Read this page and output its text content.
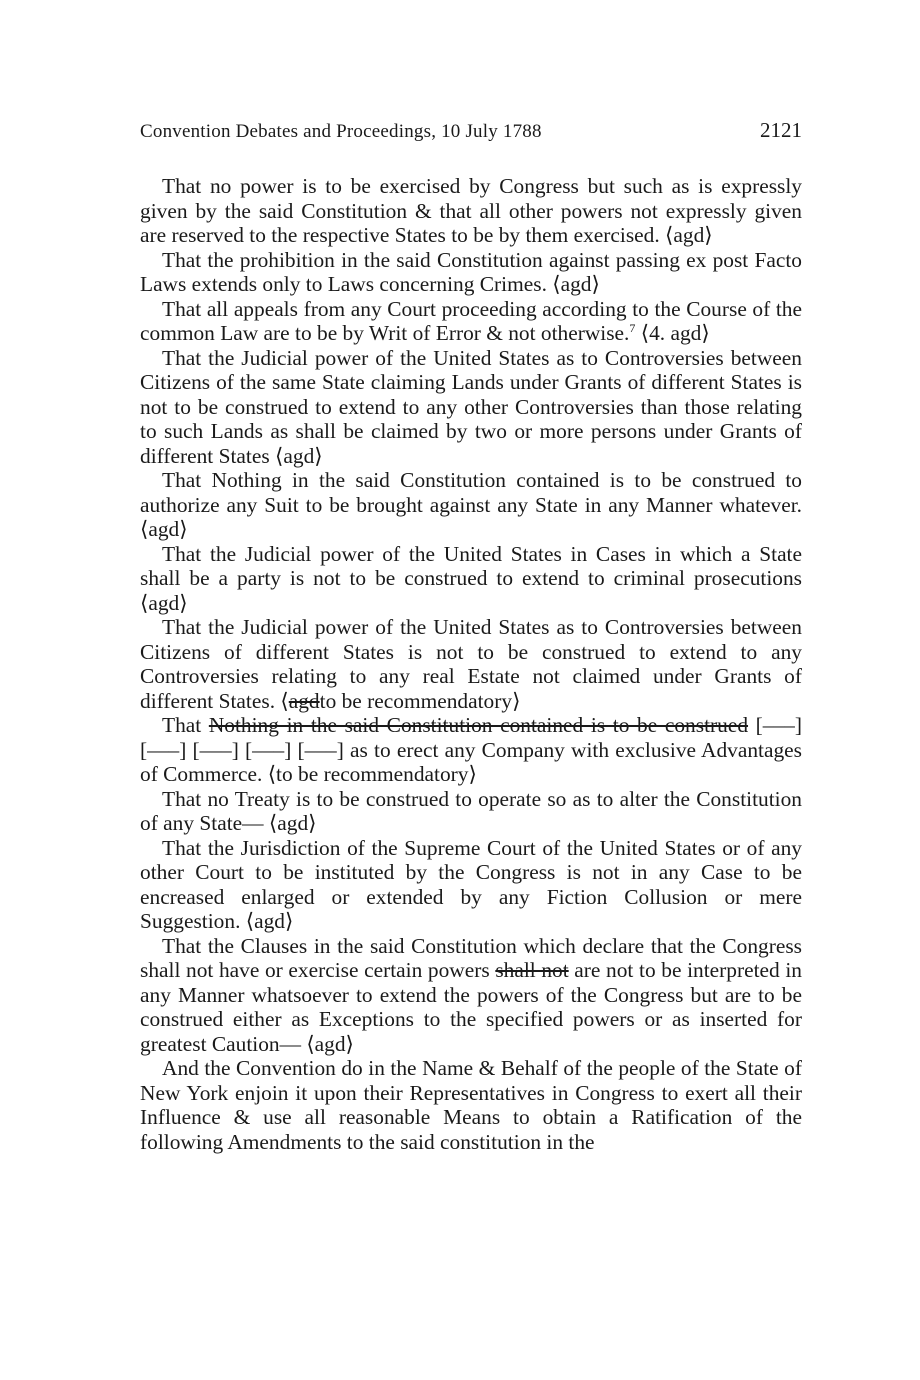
Convention Debates and Proceedings, 10 July 1788	2121

That no power is to be exercised by Congress but such as is expressly given by the said Constitution & that all other powers not expressly given are reserved to the respective States to be by them exercised. ⟨agd⟩

That the prohibition in the said Constitution against passing ex post Facto Laws extends only to Laws concerning Crimes. ⟨agd⟩

That all appeals from any Court proceeding according to the Course of the common Law are to be by Writ of Error & not otherwise.$^7$ ⟨4. agd⟩

That the Judicial power of the United States as to Controversies between Citizens of the same State claiming Lands under Grants of different States is not to be construed to extend to any other Controversies than those relating to such Lands as shall be claimed by two or more persons under Grants of different States ⟨agd⟩

That Nothing in the said Constitution contained is to be construed to authorize any Suit to be brought against any State in any Manner whatever. ⟨agd⟩

That the Judicial power of the United States in Cases in which a State shall be a party is not to be construed to extend to criminal prosecutions ⟨agd⟩

That the Judicial power of the United States as to Controversies between Citizens of different States is not to be construed to extend to any Controversies relating to any real Estate not claimed under Grants of different States. ⟨agdto be recommendatory⟩

That Nothing in the said Constitution contained is to be construed [–––] [–––] [–––] [–––] [–––] as to erect any Company with exclusive Advantages of Commerce. ⟨to be recommendatory⟩

That no Treaty is to be construed to operate so as to alter the Constitution of any State— ⟨agd⟩

That the Jurisdiction of the Supreme Court of the United States or of any other Court to be instituted by the Congress is not in any Case to be encreased enlarged or extended by any Fiction Collusion or mere Suggestion. ⟨agd⟩

That the Clauses in the said Constitution which declare that the Congress shall not have or exercise certain powers shall not are not to be interpreted in any Manner whatsoever to extend the powers of the Congress but are to be construed either as Exceptions to the specified powers or as inserted for greatest Caution— ⟨agd⟩

And the Convention do in the Name & Behalf of the people of the State of New York enjoin it upon their Representatives in Congress to exert all their Influence & use all reasonable Means to obtain a Ratification of the following Amendments to the said constitution in the
